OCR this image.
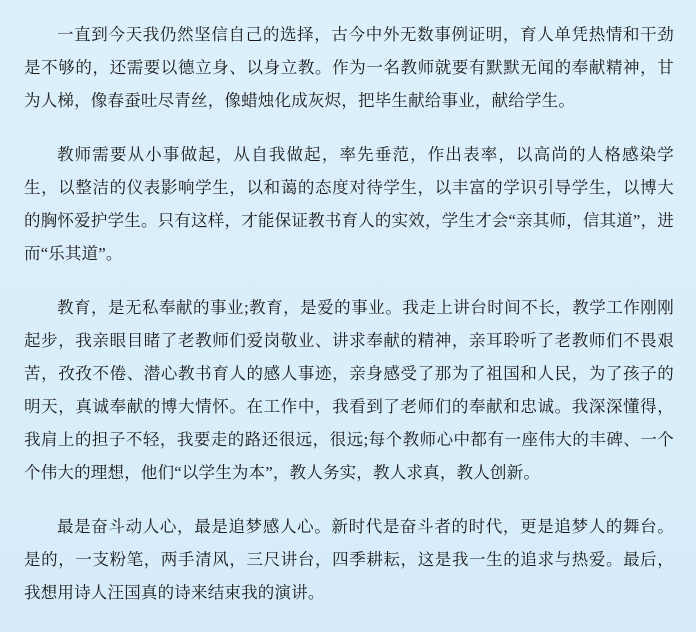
一直到今天我仍然坚信自己的选择，古今中外无数事例证明，育人单凭热情和干劲是不够的，还需要以德立身、以身立教。作为一名教师就要有默默无闻的奉献精神，甘为人梯，像春蚕吐尽青丝，像蜡烛化成灰烬，把毕生献给事业，献给学生。

教师需要从小事做起，从自我做起，率先垂范，作出表率，以高尚的人格感染学生，以整洁的仪表影响学生，以和蔼的态度对待学生，以丰富的学识引导学生，以博大的胸怀爱护学生。只有这样，才能保证教书育人的实效，学生才会“亲其师，信其道”，进而“乐其道”。

教育，是无私奉献的事业;教育，是爱的事业。我走上讲台时间不长，教学工作刚刚起步，我亲眼目睹了老教师们爱岗敬业、讲求奉献的精神，亲耳聆听了老教师们不畏艰苦，孜孜不倦、潜心教书育人的感人事迹，亲身感受了那为了祖国和人民，为了孩子的明天，真诚奉献的博大情怀。在工作中，我看到了老师们的奉献和忠诚。我深深懂得，我肩上的担子不轻，我要走的路还很远，很远;每个教师心中都有一座伟大的丰碑、一个个伟大的理想，他们“以学生为本”，教人务实，教人求真，教人创新。

最是奋斗动人心，最是追梦感人心。新时代是奋斗者的时代，更是追梦人的舞台。是的，一支粉笔，两手清风，三尺讲台，四季耕耘，这是我一生的追求与热爱。最后，我想用诗人汪国真的诗来结束我的演讲。
